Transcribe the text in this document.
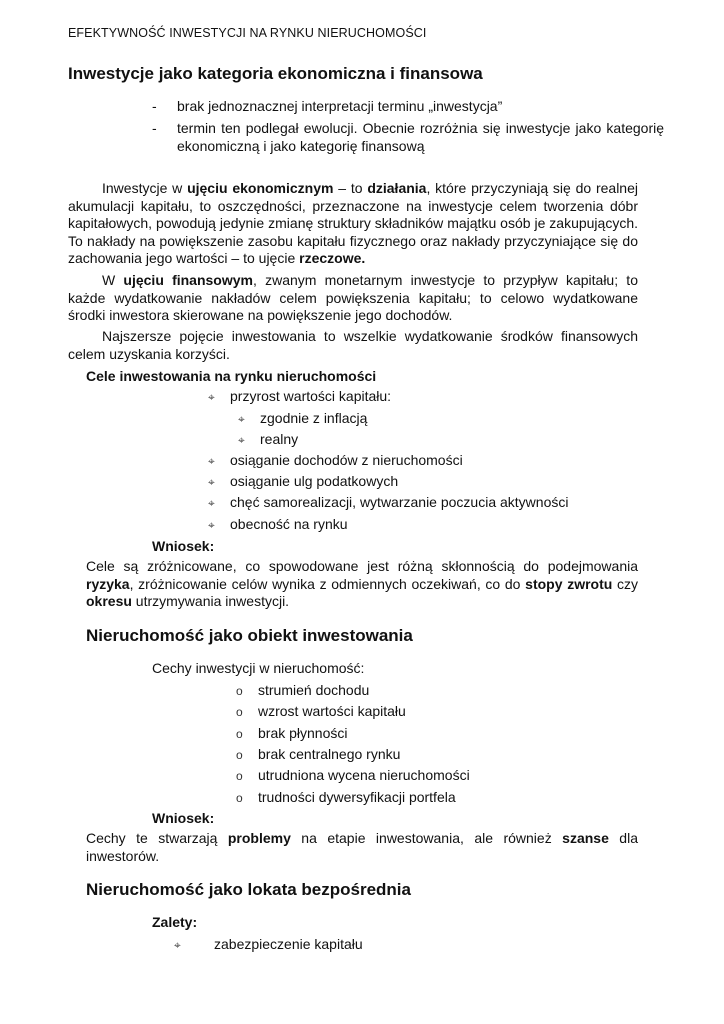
EFEKTYWNOŚĆ INWESTYCJI NA RYNKU NIERUCHOMOŚCI
Inwestycje jako kategoria ekonomiczna i finansowa
- brak jednoznacznej interpretacji terminu „inwestycja”
- termin ten podlegał ewolucji. Obecnie rozróżnia się inwestycje jako kategorię ekonomiczną i jako kategorię finansową
Inwestycje w ujęciu ekonomicznym – to działania, które przyczyniają się do realnej akumulacji kapitału, to oszczędności, przeznaczone na inwestycje celem tworzenia dóbr kapitałowych, powodują jedynie zmianę struktury składników majątku osób je zakupujących. To nakłady na powiększenie zasobu kapitału fizycznego oraz nakłady przyczyniające się do zachowania jego wartości – to ujęcie rzeczowe.
W ujęciu finansowym, zwanym monetarnym inwestycje to przypływ kapitału; to każde wydatkowanie nakładów celem powiększenia kapitału; to celowo wydatkowane środki inwestora skierowane na powiększenie jego dochodów.
Najszersze pojęcie inwestowania to wszelkie wydatkowanie środków finansowych celem uzyskania korzyści.
Cele inwestowania na rynku nieruchomości
⌖ przyrost wartości kapitału:
⌖ zgodnie z inflacją
⌖ realny
⌖ osiąganie dochodów z nieruchomości
⌖ osiąganie ulg podatkowych
⌖ chęć samorealizacji, wytwarzanie poczucia aktywności
⌖ obecność na rynku
Wniosek:
Cele są zróżnicowane, co spowodowane jest różną skłonnością do podejmowania ryzyka, zróżnicowanie celów wynika z odmiennych oczekiwań, co do stopy zwrotu czy okresu utrzymywania inwestycji.
Nieruchomość jako obiekt inwestowania
Cechy inwestycji w nieruchomość:
o strumień dochodu
o wzrost wartości kapitału
o brak płynności
o brak centralnego rynku
o utrudniona wycena nieruchomości
o trudności dywersyfikacji portfela
Wniosek:
Cechy te stwarzają problemy na etapie inwestowania, ale również szanse dla inwestorów.
Nieruchomość jako lokata bezpośrednia
Zalety:
⌖ zabezpieczenie kapitału
